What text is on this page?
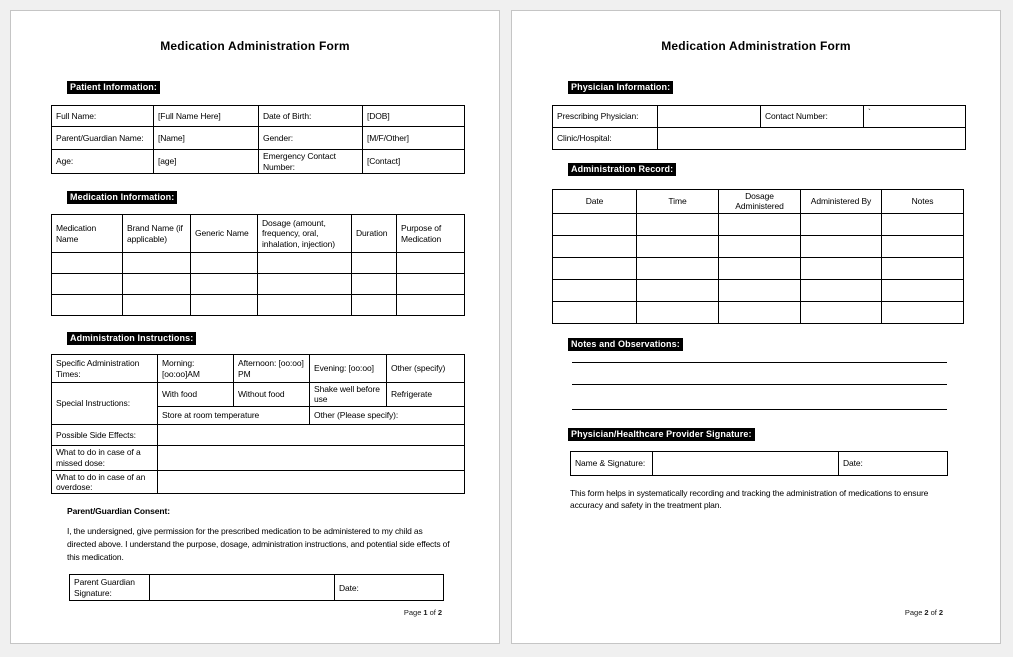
Medication Administration Form
Patient Information:
Full Name:	[Full Name Here]	Date of Birth:	[DOB]
Parent/Guardian Name:	[Name]	Gender:	[M/F/Other]
Age:	[age]	Emergency Contact Number:	[Contact]
Medication Information:
Medication Name	Brand Name (if applicable)	Generic Name	Dosage (amount, frequency, oral, inhalation, injection)	Duration	Purpose of Medication

Administration Instructions:
Specific Administration Times:	Morning: [oo:oo]AM	Afternoon: [oo:oo] PM	Evening: [oo:oo]	Other (specify)
Special Instructions:	With food	Without food	Shake well before use	Refrigerate
	Store at room temperature		Other (Please specify):	
Possible Side Effects:				
What to do in case of a missed dose:				
What to do in case of an overdose:				
Parent/Guardian Consent:
I, the undersigned, give permission for the prescribed medication to be administered to my child as directed above. I understand the purpose, dosage, administration instructions, and potential side effects of this medication.
Parent Guardian Signature:		Date:
Page 1 of 2
Medication Administration Form
Physician Information:
Prescribing Physician:		Contact Number:	`
Clinic/Hospital:			
Administration Record:
Date	Time	Dosage Administered	Administered By	Notes

Notes and Observations:
Physician/Healthcare Provider Signature:
Name & Signature:		Date:
This form helps in systematically recording and tracking the administration of medications to ensure accuracy and safety in the treatment plan.
Page 2 of 2
